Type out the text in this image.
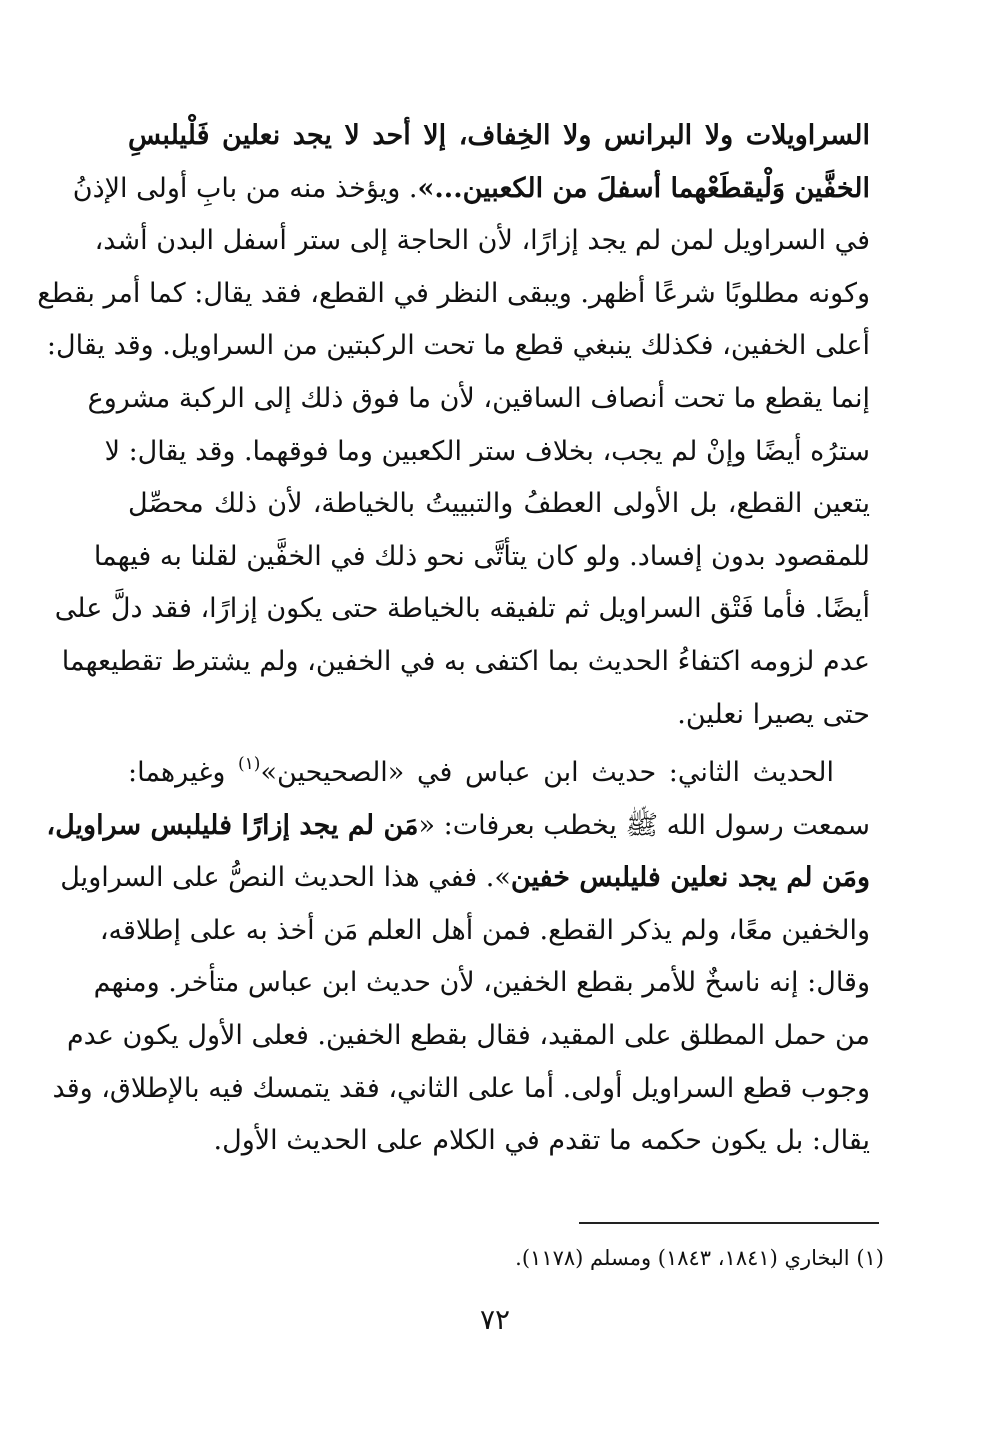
السراويلات ولا البرانس ولا الخِفاف، إلا أحد لا يجد نعلين فَلْيلبسِ
الخفَّين وَلْيقطَعْهما أسفلَ من الكعبين...». ويؤخذ منه من بابِ أولى الإذنُ
في السراويل لمن لم يجد إزارًا، لأن الحاجة إلى ستر أسفل البدن أشد،
وكونه مطلوبًا شرعًا أظهر. ويبقى النظر في القطع، فقد يقال: كما أمر بقطع
أعلى الخفين، فكذلك ينبغي قطع ما تحت الركبتين من السراويل. وقد يقال:
إنما يقطع ما تحت أنصاف الساقين، لأن ما فوق ذلك إلى الركبة مشروع
سترُه أيضًا وإنْ لم يجب، بخلاف ستر الكعبين وما فوقهما. وقد يقال: لا
يتعين القطع، بل الأولى العطفُ والتبييتُ بالخياطة، لأن ذلك محصِّل
للمقصود بدون إفساد. ولو كان يتأتَّى نحو ذلك في الخفَّين لقلنا به فيهما
أيضًا. فأما فَتْق السراويل ثم تلفيقه بالخياطة حتى يكون إزارًا، فقد دلَّ على
عدم لزومه اكتفاءُ الحديث بما اكتفى به في الخفين، ولم يشترط تقطيعهما
حتى يصيرا نعلين.
الحديث الثاني: حديث ابن عباس في «الصحيحين»$^{(١)}$ وغيرهما:
سمعت رسول الله ﷺ يخطب بعرفات: «مَن لم يجد إزارًا فليلبس سراويل،
ومَن لم يجد نعلين فليلبس خفين». ففي هذا الحديث النصُّ على السراويل
والخفين معًا، ولم يذكر القطع. فمن أهل العلم مَن أخذ به على إطلاقه،
وقال: إنه ناسخٌ للأمر بقطع الخفين، لأن حديث ابن عباس متأخر. ومنهم
من حمل المطلق على المقيد، فقال بقطع الخفين. فعلى الأول يكون عدم
وجوب قطع السراويل أولى. أما على الثاني، فقد يتمسك فيه بالإطلاق، وقد
يقال: بل يكون حكمه ما تقدم في الكلام على الحديث الأول.
(١) البخاري (١٨٤١، ١٨٤٣) ومسلم (١١٧٨).
٧٢
